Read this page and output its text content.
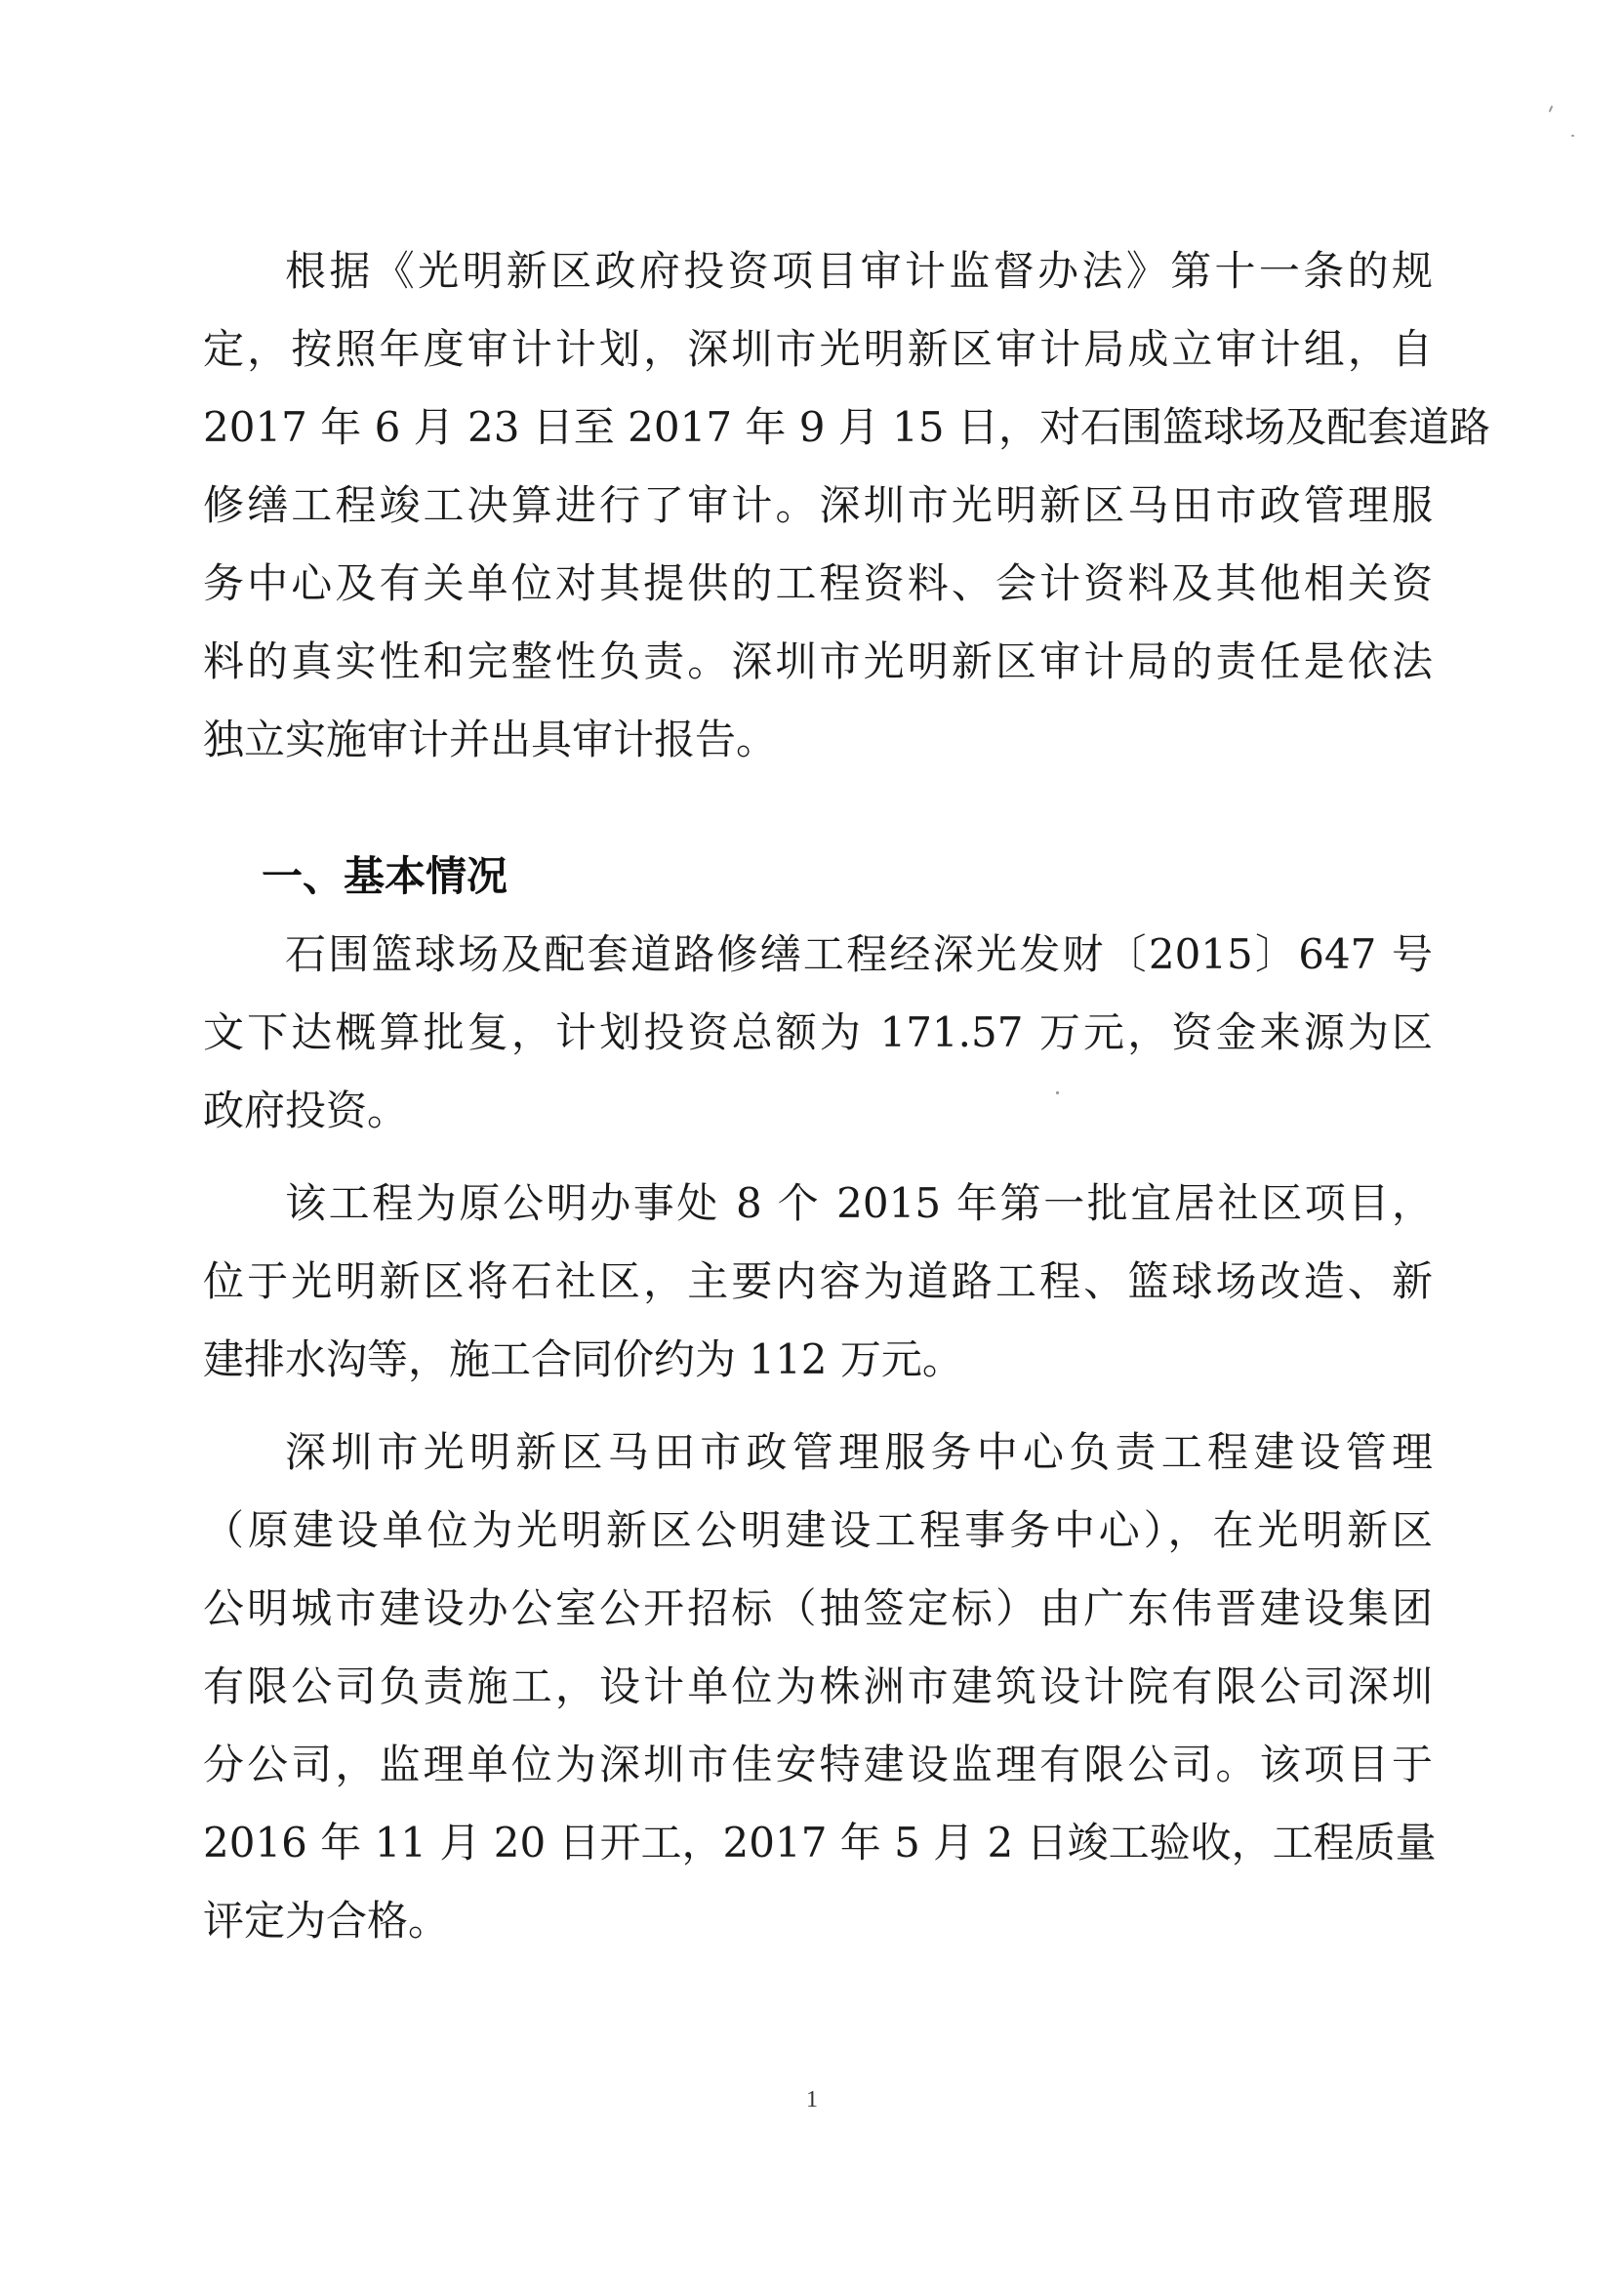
根据《光明新区政府投资项目审计监督办法》第十一条的规
定，按照年度审计计划，深圳市光明新区审计局成立审计组，自
2017 年 6 月 23 日至 2017 年 9 月 15 日，对石围篮球场及配套道路
修缮工程竣工决算进行了审计。深圳市光明新区马田市政管理服
务中心及有关单位对其提供的工程资料、会计资料及其他相关资
料的真实性和完整性负责。深圳市光明新区审计局的责任是依法
独立实施审计并出具审计报告。
一、基本情况
石围篮球场及配套道路修缮工程经深光发财〔2015〕647 号
文下达概算批复，计划投资总额为 171.57 万元，资金来源为区
政府投资。
该工程为原公明办事处 8 个 2015 年第一批宜居社区项目，
位于光明新区将石社区，主要内容为道路工程、篮球场改造、新
建排水沟等，施工合同价约为 112 万元。
深圳市光明新区马田市政管理服务中心负责工程建设管理
（原建设单位为光明新区公明建设工程事务中心），在光明新区
公明城市建设办公室公开招标（抽签定标）由广东伟晋建设集团
有限公司负责施工，设计单位为株洲市建筑设计院有限公司深圳
分公司，监理单位为深圳市佳安特建设监理有限公司。该项目于
2016 年 11 月 20 日开工，2017 年 5 月 2 日竣工验收，工程质量
评定为合格。
1
